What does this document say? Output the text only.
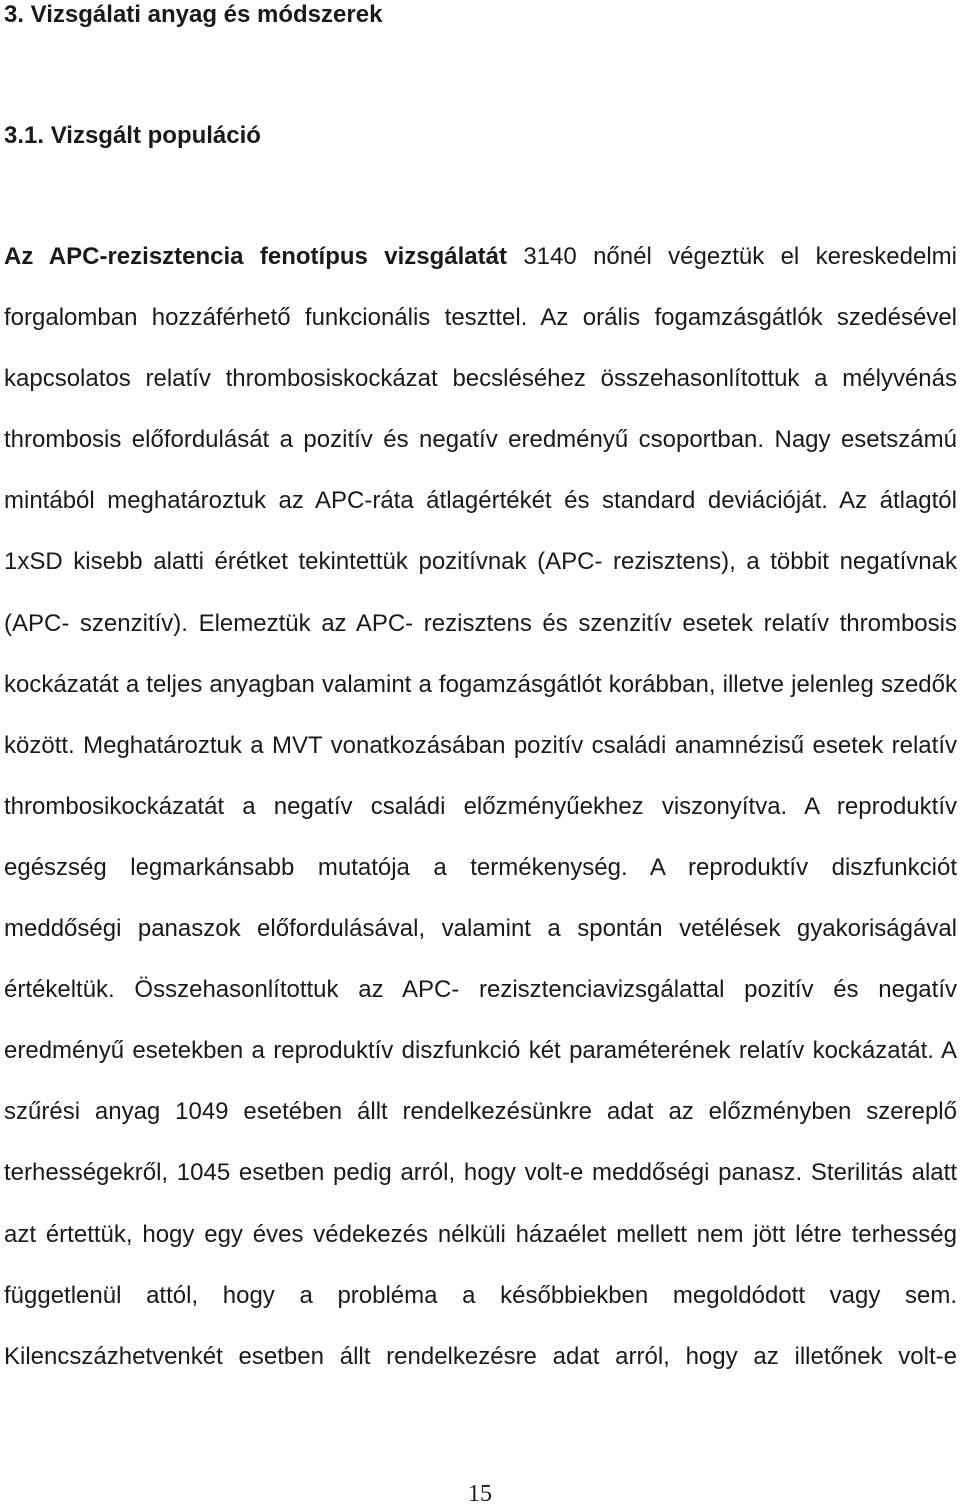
3. Vizsgálati anyag és módszerek
3.1. Vizsgált populáció
Az APC-rezisztencia fenotípus vizsgálatát 3140 nőnél végeztük el kereskedelmi
forgalomban hozzáférhető funkcionális teszttel. Az orális fogamzásgátlók szedésével
kapcsolatos relatív thrombosiskockázat becsléséhez összehasonlítottuk a mélyvénás
thrombosis előfordulását a pozitív és negatív eredményű csoportban. Nagy esetszámú
mintából meghatároztuk az APC-ráta átlagértékét és standard deviációját. Az átlagtól
1xSD kisebb alatti érétket tekintettük pozitívnak (APC- rezisztens), a többit negatívnak
(APC- szenzitív). Elemeztük az APC- rezisztens és szenzitív esetek relatív thrombosis
kockázatát a teljes anyagban valamint a fogamzásgátlót korábban, illetve jelenleg szedők
között. Meghatároztuk a MVT vonatkozásában pozitív családi anamnézisű esetek relatív
thrombosikockázatát a negatív családi előzményűekhez viszonyítva. A reproduktív
egészség legmarkánsabb mutatója a termékenység. A reproduktív diszfunkciót
meddőségi panaszok előfordulásával, valamint a spontán vetélések gyakoriságával
értékeltük. Összehasonlítottuk az APC- rezisztenciavizsgálattal pozitív és negatív
eredményű esetekben a reproduktív diszfunkció két paraméterének relatív kockázatát. A
szűrési anyag 1049 esetében állt rendelkezésünkre adat az előzményben szereplő
terhességekről, 1045 esetben pedig arról, hogy volt-e meddőségi panasz. Sterilitás alatt
azt értettük, hogy egy éves védekezés nélküli házaélet mellett nem jött létre terhesség
függetlenül attól, hogy a probléma a későbbiekben megoldódott vagy sem.
Kilencszázhetvenkét esetben állt rendelkezésre adat arról, hogy az illetőnek volt-e
15
